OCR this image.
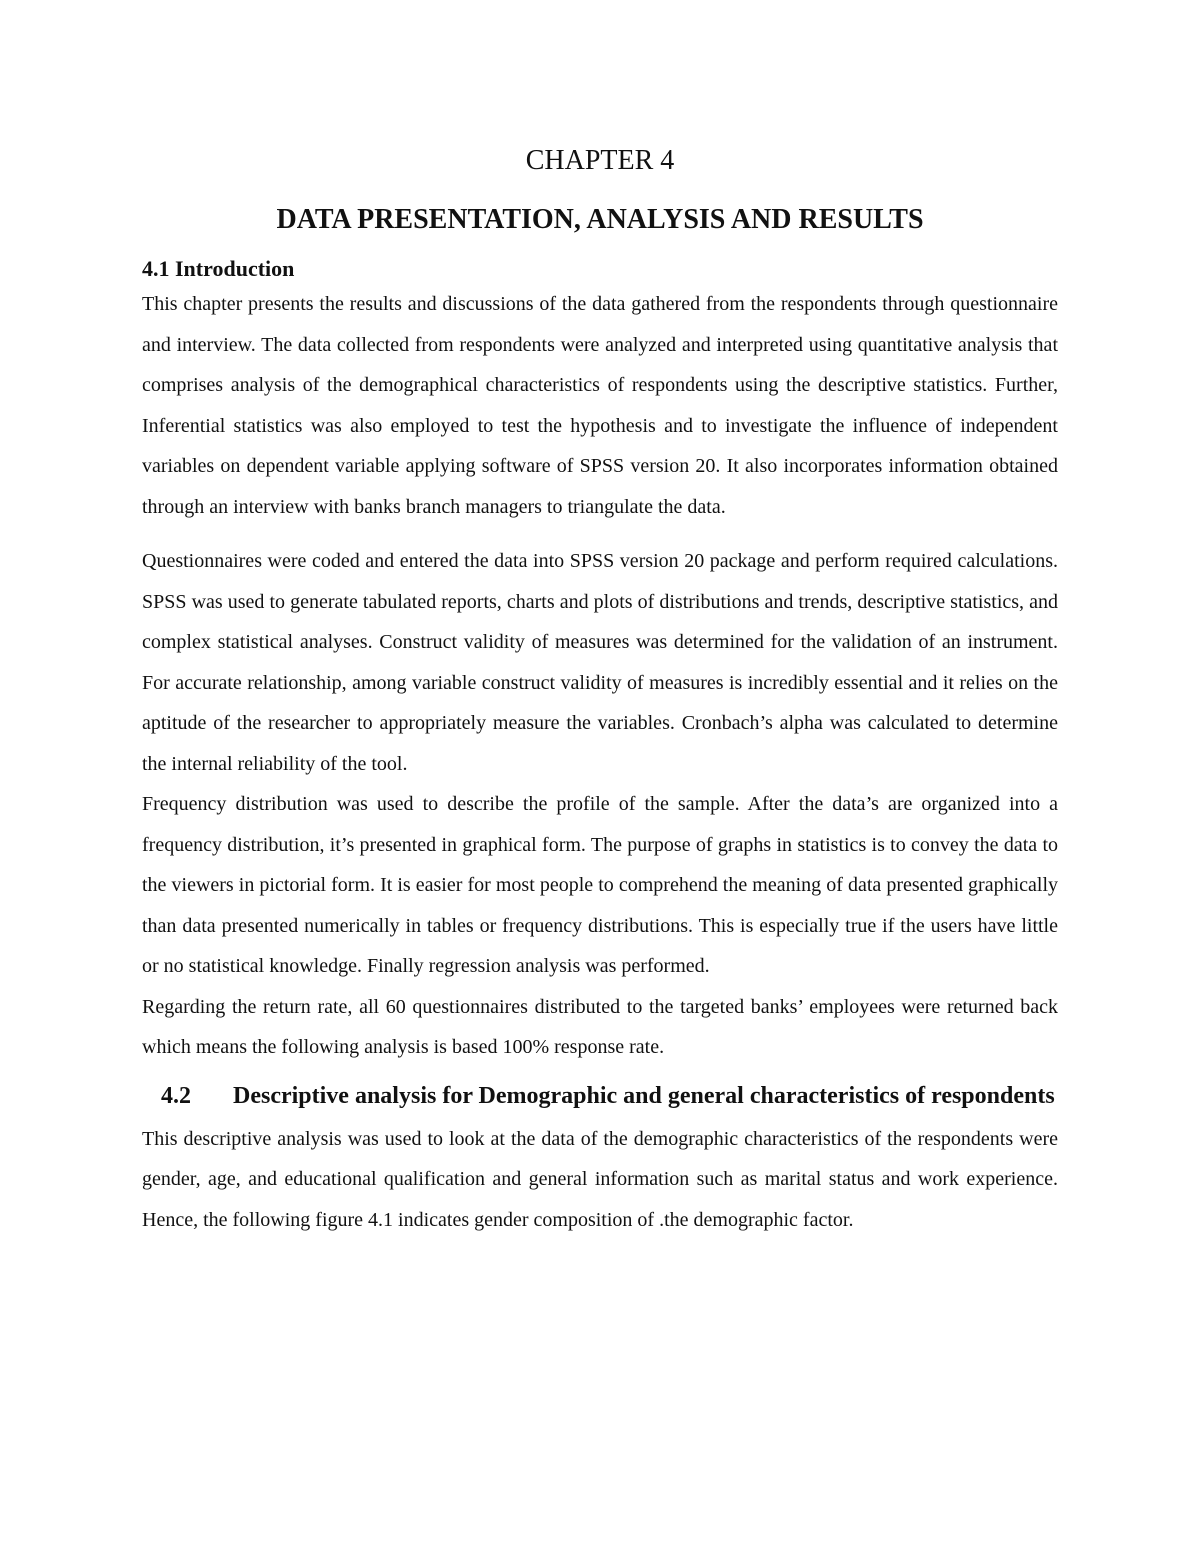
CHAPTER 4
DATA PRESENTATION, ANALYSIS AND RESULTS
4.1 Introduction

This chapter presents the results and discussions of the data gathered from the respondents through questionnaire and interview. The data collected from respondents were analyzed and interpreted using quantitative analysis that comprises analysis of the demographical characteristics of respondents using the descriptive statistics. Further, Inferential statistics was also employed to test the hypothesis and to investigate the influence of independent variables on dependent variable applying software of SPSS version 20. It also incorporates information obtained through an interview with banks branch managers to triangulate the data.

Questionnaires were coded and entered the data into SPSS version 20 package and perform required calculations. SPSS was used to generate tabulated reports, charts and plots of distributions and trends, descriptive statistics, and complex statistical analyses. Construct validity of measures was determined for the validation of an instrument. For accurate relationship, among variable construct validity of measures is incredibly essential and it relies on the aptitude of the researcher to appropriately measure the variables. Cronbach’s alpha was calculated to determine the internal reliability of the tool.

Frequency distribution was used to describe the profile of the sample. After the data’s are organized into a frequency distribution, it’s presented in graphical form. The purpose of graphs in statistics is to convey the data to the viewers in pictorial form. It is easier for most people to comprehend the meaning of data presented graphically than data presented numerically in tables or frequency distributions. This is especially true if the users have little or no statistical knowledge. Finally regression analysis was performed.

Regarding the return rate, all 60 questionnaires distributed to the targeted banks’ employees were returned back which means the following analysis is based 100% response rate.

4.2 Descriptive analysis for Demographic and general characteristics of respondents

This descriptive analysis was used to look at the data of the demographic characteristics of the respondents were gender, age, and educational qualification and general information such as marital status and work experience. Hence, the following figure 4.1 indicates gender composition of .the demographic factor.
